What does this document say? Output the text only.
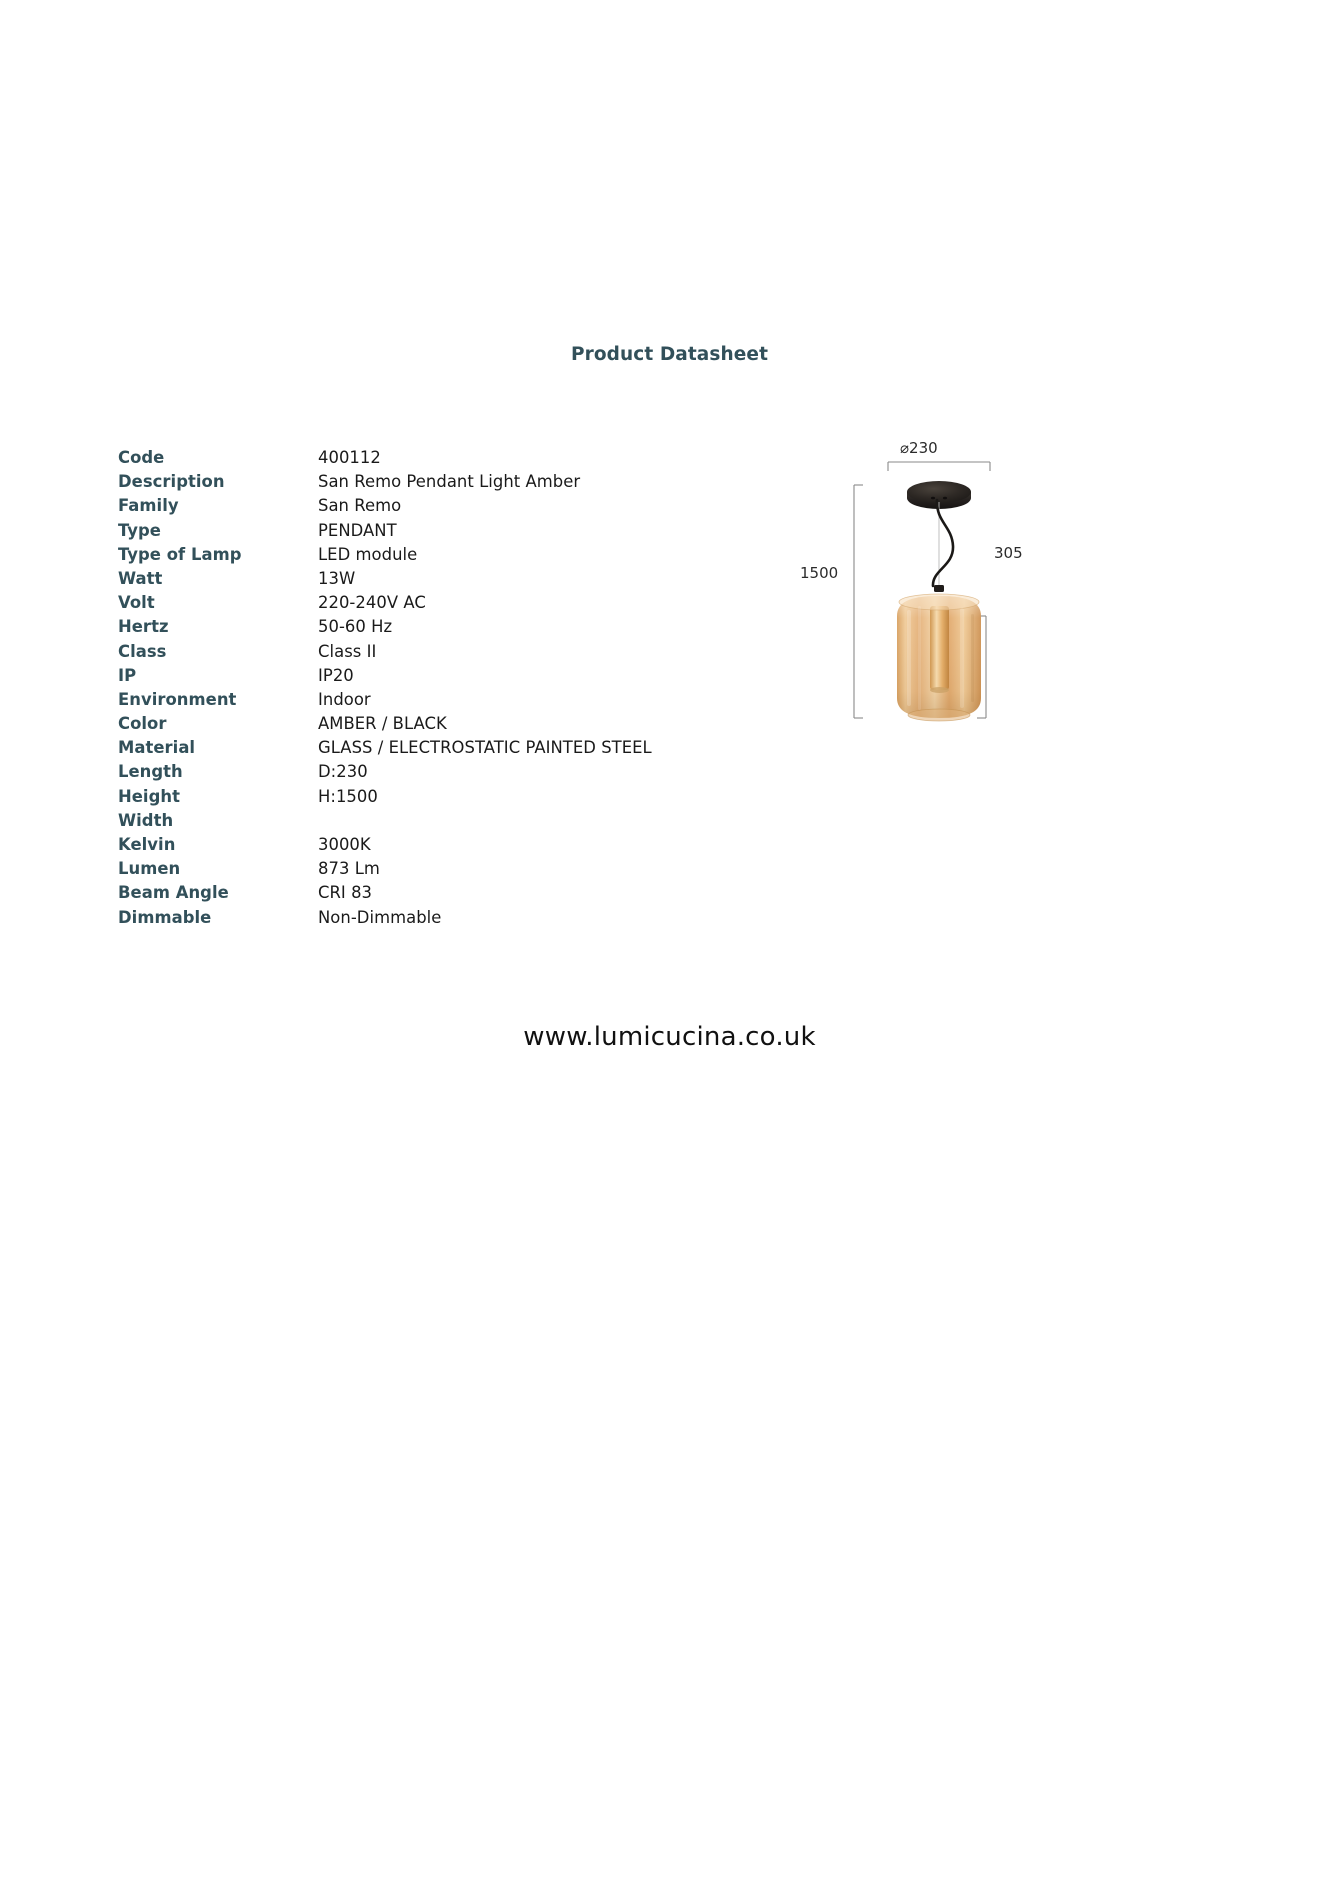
Product Datasheet
Code	400112
Description	San Remo Pendant Light Amber
Family	San Remo
Type	PENDANT
Type of Lamp	LED module
Watt	13W
Volt	220-240V AC
Hertz	50-60 Hz
Class	Class II
IP	IP20
Environment	Indoor
Color	AMBER / BLACK
Material	GLASS / ELECTROSTATIC PAINTED STEEL
Length	D:230
Height	H:1500
Width
Kelvin	3000K
Lumen	873 Lm
Beam Angle	CRI 83
Dimmable	Non-Dimmable
⌀230
1500
305
www.lumicucina.co.uk
